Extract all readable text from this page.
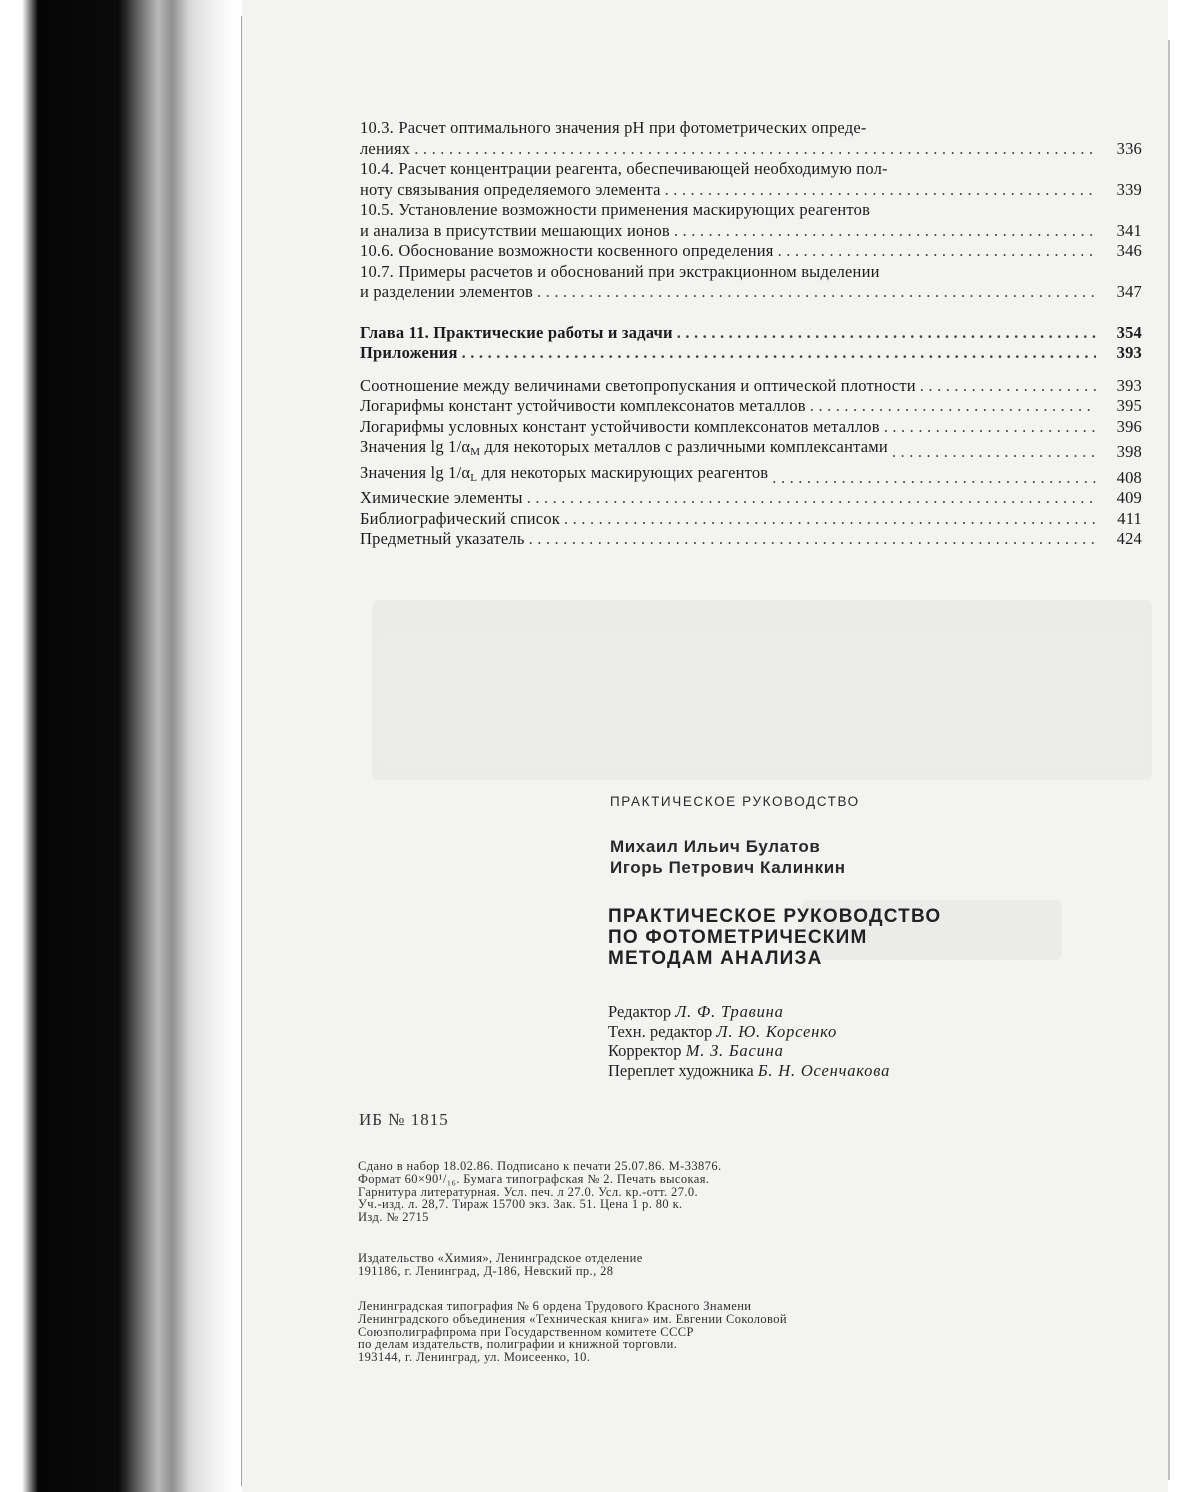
10.3. Расчет оптимального значения pH при фотометрических опреде-
лениях . . .	336
10.4. Расчет концентрации реагента, обеспечивающей необходимую пол-
ноту связывания определяемого элемента . . .	339
10.5. Установление возможности применения маскирующих реагентов
и анализа в присутствии мешающих ионов . . .	341
10.6. Обоснование возможности косвенного определения . . .	346
10.7. Примеры расчетов и обоснований при экстракционном выделении
и разделении элементов . . .	347
Глава 11. Практические работы и задачи . . .	354
Приложения . . .	393
Соотношение между величинами светопропускания и оптической плотности . . .	393
Логарифмы констант устойчивости комплексонатов металлов . . .	395
Логарифмы условных констант устойчивости комплексонатов металлов . . .	396
Значения $\lg 1/\alpha_M$ для некоторых металлов с различными комплексантами . . .	398
Значения $\lg 1/\alpha_L$ для некоторых маскирующих реагентов . . .	408
Химические элементы . . .	409
Библиографический список . . .	411
Предметный указатель . . .	424
ПРАКТИЧЕСКОЕ РУКОВОДСТВО
Михаил Ильич Булатов
Игорь Петрович Калинкин
ПРАКТИЧЕСКОЕ РУКОВОДСТВО
ПО ФОТОМЕТРИЧЕСКИМ
МЕТОДАМ АНАЛИЗА
Редактор Л. Ф. Травина
Техн. редактор Л. Ю. Корсенко
Корректор М. З. Басина
Переплет художника Б. Н. Осенчакова
ИБ № 1815
Сдано в набор 18.02.86. Подписано к печати 25.07.86. М-33876.
Формат 60×90¹/₁₆. Бумага типографская № 2. Печать высокая.
Гарнитура литературная. Усл. печ. л 27.0. Усл. кр.-отт. 27.0.
Уч.-изд. л. 28,7. Тираж 15700 экз. Зак. 51. Цена 1 р. 80 к.
Изд. № 2715
Издательство «Химия», Ленинградское отделение
191186, г. Ленинград, Д-186, Невский пр., 28
Ленинградская типография № 6 ордена Трудового Красного Знамени
Ленинградского объединения «Техническая книга» им. Евгении Соколовой
Союзполиграфпрома при Государственном комитете СССР
по делам издательств, полиграфии и книжной торговли.
193144, г. Ленинград, ул. Моисеенко, 10.
